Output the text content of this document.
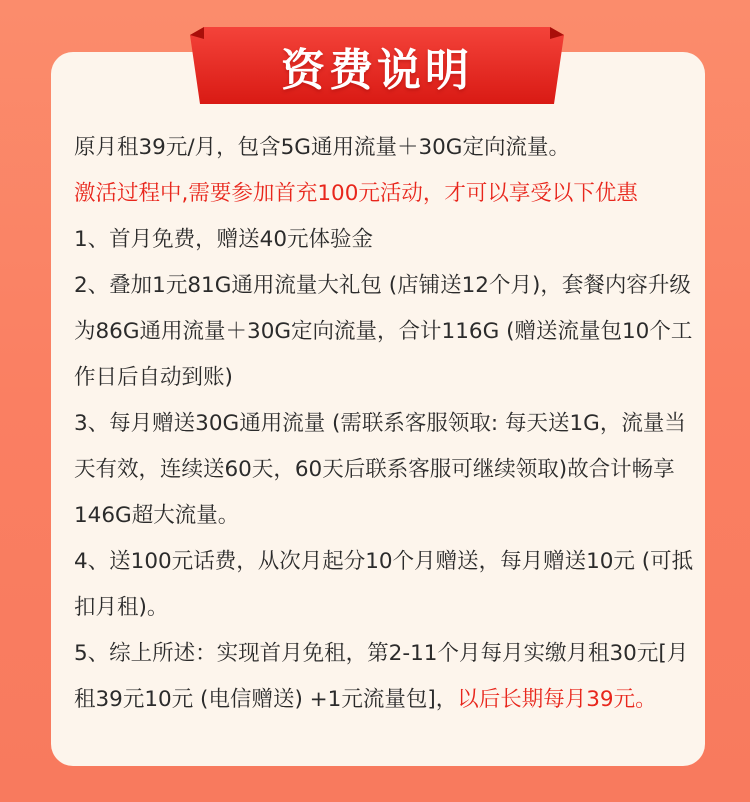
资费说明
原月租39元/月，包含5G通用流量＋30G定向流量。
激活过程中,需要参加首充100元活动，才可以享受以下优惠
1、首月免费，赠送40元体验金
2、叠加1元81G通用流量大礼包 (店铺送12个月)，套餐内容升级
为86G通用流量＋30G定向流量，合计116G (赠送流量包10个工
作日后自动到账)
3、每月赠送30G通用流量 (需联系客服领取: 每天送1G，流量当
天有效，连续送60天，60天后联系客服可继续领取)故合计畅享
146G超大流量。
4、送100元话费，从次月起分10个月赠送，每月赠送10元 (可抵
扣月租)。
5、综上所述：实现首月免租，第2-11个月每月实缴月租30元[月
租39元10元 (电信赠送) +1元流量包]，以后长期每月39元。
